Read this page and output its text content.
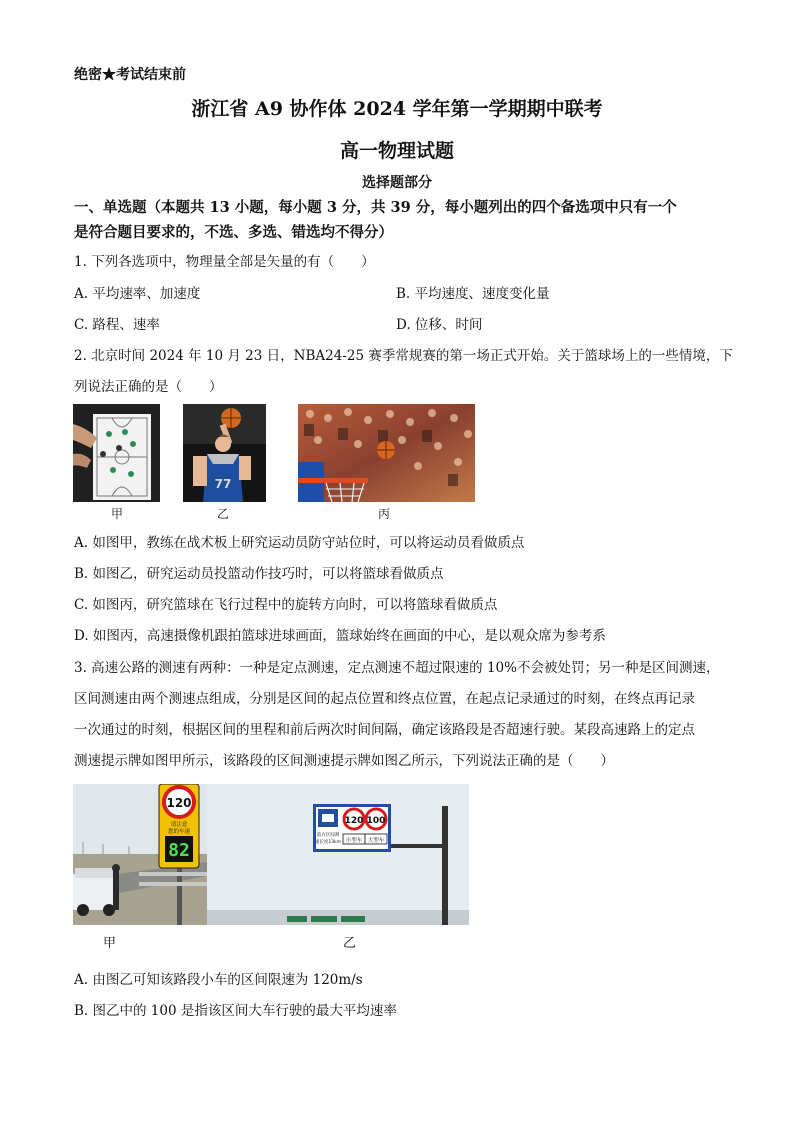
绝密★考试结束前
浙江省 A9 协作体 2024 学年第一学期期中联考
高一物理试题
选择题部分
一、单选题（本题共 13 小题，每小题 3 分，共 39 分，每小题列出的四个备选项中只有一个
是符合题目要求的，不选、多选、错选均不得分）
1. 下列各选项中，物理量全部是矢量的有（　　）
A. 平均速率、加速度	B. 平均速度、速度变化量
C. 路程、速率	D. 位移、时间
2. 北京时间 2024 年 10 月 23 日，NBA24-25 赛季常规赛的第一场正式开始。关于篮球场上的一些情境，下
列说法正确的是（　　）
甲
77
乙	丙
A. 如图甲，教练在战术板上研究运动员防守站位时，可以将运动员看做质点
B. 如图乙，研究运动员投篮动作技巧时，可以将篮球看做质点
C. 如图丙，研究篮球在飞行过程中的旋转方向时，可以将篮球看做质点
D. 如图丙，高速摄像机跟拍篮球进球画面，篮球始终在画面的中心，是以观众席为参考系
3. 高速公路的测速有两种：一种是定点测速，定点测速不超过限速的 10%不会被处罚；另一种是区间测速，
区间测速由两个测速点组成，分别是区间的起点位置和终点位置，在起点记录通过的时刻，在终点再记录
一次通过的时刻，根据区间的里程和前后两次时间间隔，确定该路段是否超速行驶。某段高速路上的定点
测速提示牌如图甲所示，该路段的区间测速提示牌如图乙所示，下列说法正确的是（　　）
120
请注意
您的车速
82
甲
120 100
前方区间测
速长度13km 小型车 大型车
乙
A. 由图乙可知该路段小车的区间限速为 120m/s
B. 图乙中的 100 是指该区间大车行驶的最大平均速率
